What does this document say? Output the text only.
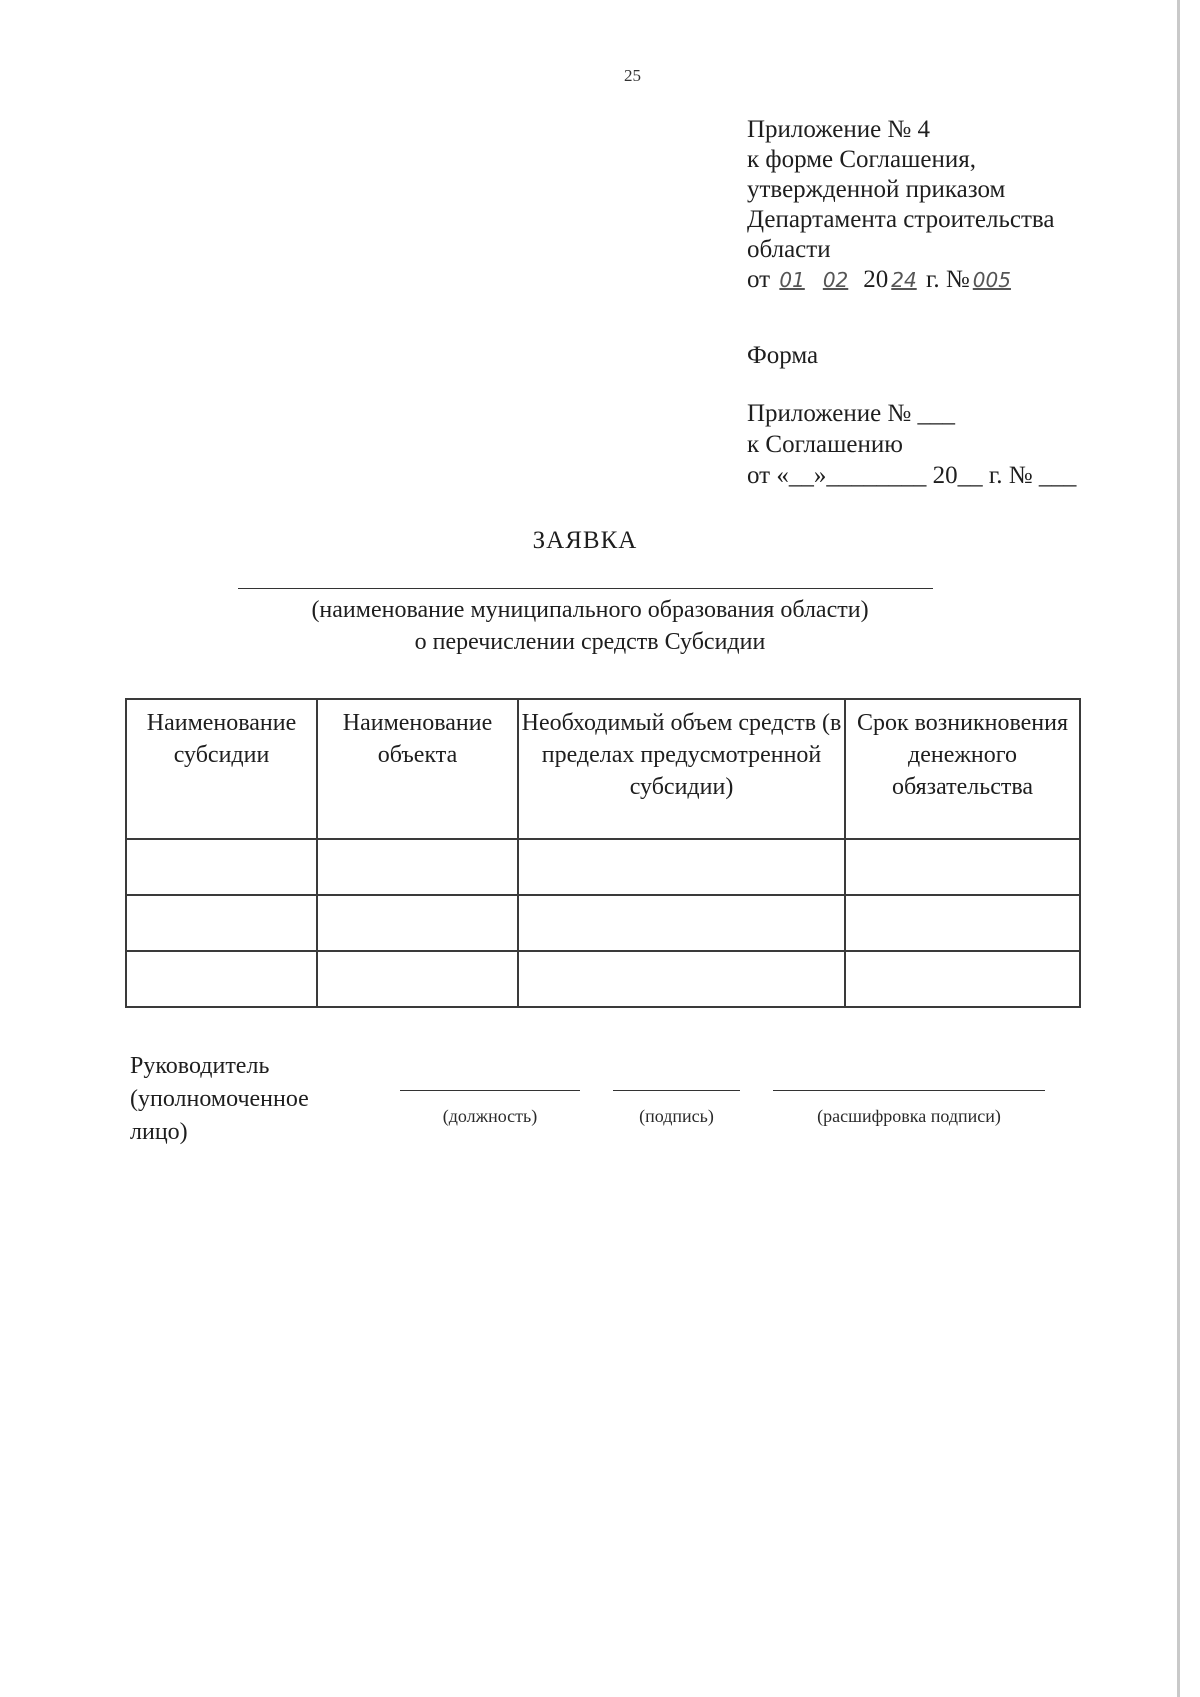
25
Приложение № 4
к форме Соглашения,
утвержденной приказом
Департамента строительства
области
от 01 02 20 24 г. № 005
Форма
Приложение № ___
к Соглашению
от «__»________ 20__ г. № ___
ЗАЯВКА
(наименование муниципального образования области)
о перечислении средств Субсидии
Наименование субсидии	Наименование объекта	Необходимый объем средств (в пределах предусмотренной субсидии)	Срок возникновения денежного обязательства

Руководитель
(уполномоченное
лицо)
(должность)	(подпись)	(расшифровка подписи)
